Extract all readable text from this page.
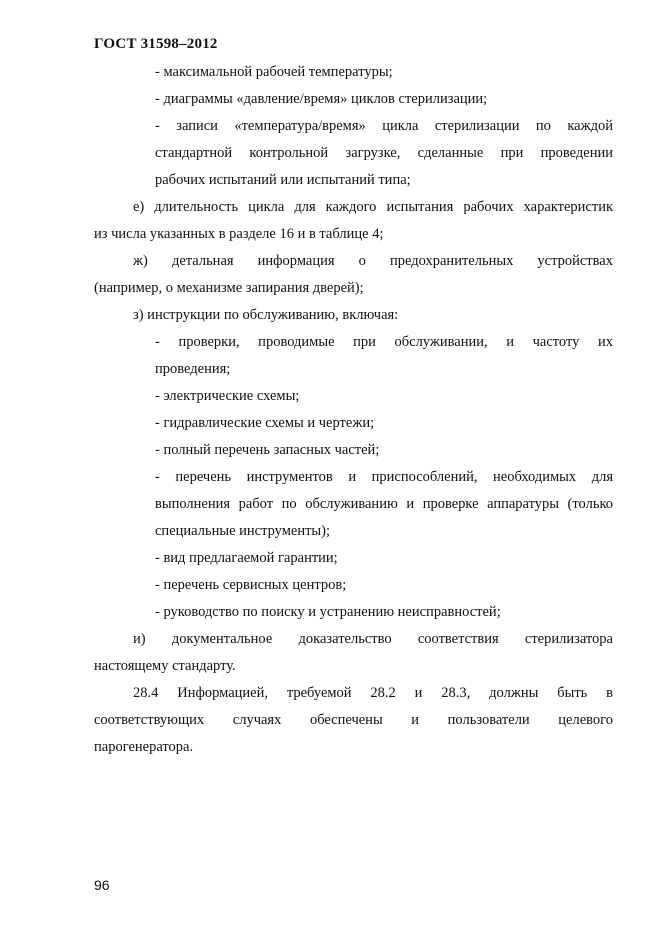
ГОСТ 31598–2012

- максимальной рабочей температуры;

- диаграммы «давление/время» циклов стерилизации;

- записи «температура/время» цикла стерилизации по каждой

стандартной контрольной загрузке, сделанные при проведении

рабочих испытаний или испытаний типа;

е) длительность цикла для каждого испытания рабочих характеристик

из числа указанных в разделе 16 и в таблице 4;

ж) детальная информация о предохранительных устройствах

(например, о механизме запирания дверей);

з) инструкции по обслуживанию, включая:

- проверки, проводимые при обслуживании, и частоту их

проведения;

- электрические схемы;

- гидравлические схемы и чертежи;

- полный перечень запасных частей;

- перечень инструментов и приспособлений, необходимых для

выполнения работ по обслуживанию и проверке аппаратуры (только

специальные инструменты);

- вид предлагаемой гарантии;

- перечень сервисных центров;

- руководство по поиску и устранению неисправностей;

и) документальное доказательство соответствия стерилизатора

настоящему стандарту.

28.4 Информацией, требуемой 28.2 и 28.3, должны быть в

соответствующих случаях обеспечены и пользователи целевого

парогенератора.

96
